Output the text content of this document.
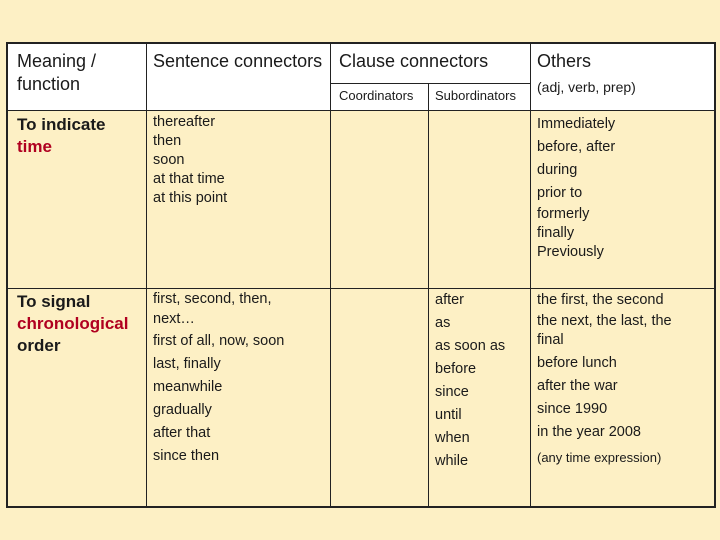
Meaning / function
Sentence connectors Clause connectors
Coordinators	Subordinators
Others
(adj, verb, prep)
To indicate
time
thereafter
then
soon
at that time
at this point
Immediately
before, after
during
prior to
formerly
finally
Previously
To signal
chronological
order
first, second, then, next…
first of all, now, soon
last, finally
meanwhile
gradually
after that
since then
after
as
as soon as
before
since
until
when
while
the first, the second
the next, the last, the final
before lunch
after the war
since 1990
in the year 2008
(any time expression)
